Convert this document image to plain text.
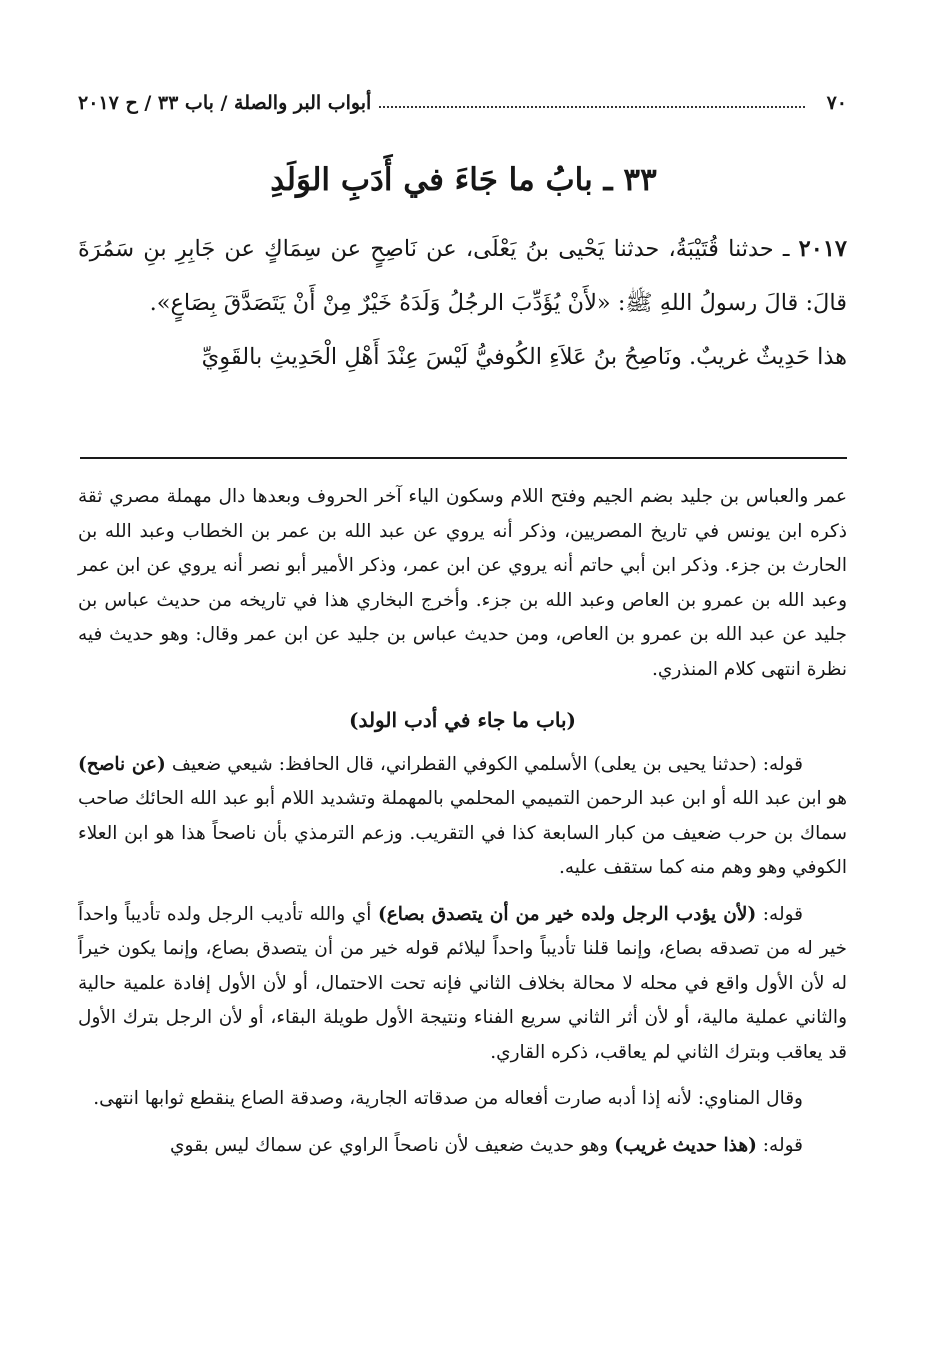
٧٠
أبواب البر والصلة / باب ٣٣ / ح ٢٠١٧
٣٣ ـ بابُ ما جَاءَ في أَدَبِ الوَلَدِ

٢٠١٧ ـ حدثنا قُتَيْبَةُ، حدثنا يَحْيى بنُ يَعْلَى، عن نَاصِحٍ عن سِمَاكٍ عن جَابِرِ بنِ سَمُرَةَ قالَ: قالَ رسولُ اللهِ ﷺ: «لأَنْ يُؤَدِّبَ الرجُلُ وَلَدَهُ خَيْرٌ مِنْ أَنْ يَتَصَدَّقَ بِصَاعٍ».

هذا حَدِيثٌ غريبٌ. ونَاصِحُ بنُ عَلاَءِ الكُوفيُّ لَيْسَ عِنْدَ أَهْلِ الْحَدِيثِ بالقَوِيِّ

عمر والعباس بن جليد بضم الجيم وفتح اللام وسكون الياء آخر الحروف وبعدها دال مهملة مصري ثقة ذكره ابن يونس في تاريخ المصريين، وذكر أنه يروي عن عبد الله بن عمر بن الخطاب وعبد الله بن الحارث بن جزء. وذكر ابن أبي حاتم أنه يروي عن ابن عمر، وذكر الأمير أبو نصر أنه يروي عن ابن عمر وعبد الله بن عمرو بن العاص وعبد الله بن جزء. وأخرج البخاري هذا في تاريخه من حديث عباس بن جليد عن عبد الله بن عمرو بن العاص، ومن حديث عباس بن جليد عن ابن عمر وقال: وهو حديث فيه نظرة انتهى كلام المنذري.

(باب ما جاء في أدب الولد)

قوله: (حدثنا يحيى بن يعلى) الأسلمي الكوفي القطراني، قال الحافظ: شيعي ضعيف (عن ناصح) هو ابن عبد الله أو ابن عبد الرحمن التميمي المحلمي بالمهملة وتشديد اللام أبو عبد الله الحائك صاحب سماك بن حرب ضعيف من كبار السابعة كذا في التقريب. وزعم الترمذي بأن ناصحاً هذا هو ابن العلاء الكوفي وهو وهم منه كما ستقف عليه.

قوله: (لأن يؤدب الرجل ولده خير من أن يتصدق بصاع) أي والله تأديب الرجل ولده تأديباً واحداً خير له من تصدقه بصاع، وإنما قلنا تأديباً واحداً ليلائم قوله خير من أن يتصدق بصاع، وإنما يكون خيراً له لأن الأول واقع في محله لا محالة بخلاف الثاني فإنه تحت الاحتمال، أو لأن الأول إفادة علمية حالية والثاني عملية مالية، أو لأن أثر الثاني سريع الفناء ونتيجة الأول طويلة البقاء، أو لأن الرجل بترك الأول قد يعاقب وبترك الثاني لم يعاقب، ذكره القاري.

وقال المناوي: لأنه إذا أدبه صارت أفعاله من صدقاته الجارية، وصدقة الصاع ينقطع ثوابها انتهى.

قوله: (هذا حديث غريب) وهو حديث ضعيف لأن ناصحاً الراوي عن سماك ليس بقوي
